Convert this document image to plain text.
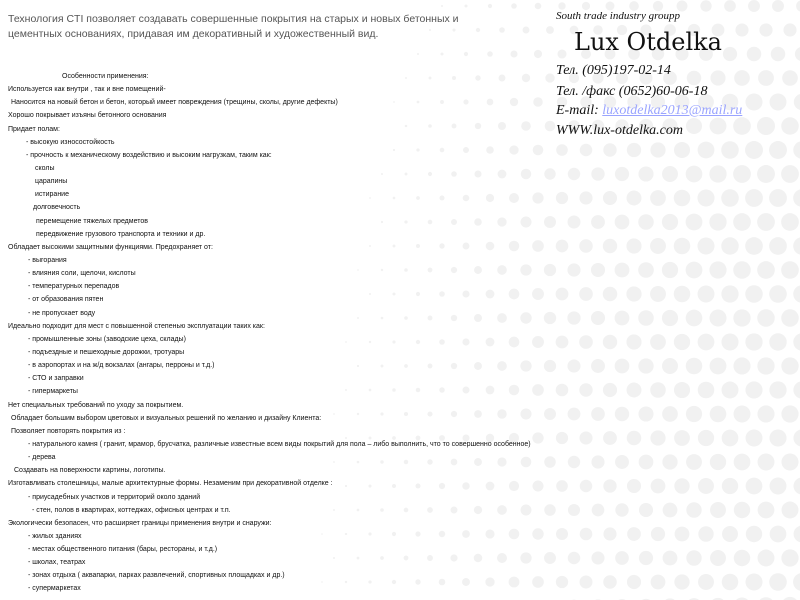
Технология CTI позволяет создавать совершенные покрытия на старых и новых бетонных и цементных основаниях, придавая им декоративный и художественный вид.

South trade industry groupp
Lux Otdelka
Тел. (095)197-02-14
Тел. /факс (0652)60-06-18
E-mail: luxotdelka2013@mail.ru
WWW.lux-otdelka.com
Особенности применения:
Используется как внутри , так и вне помещений-
Наносится на новый бетон и бетон, который имеет повреждения (трещины, сколы, другие дефекты)
Хорошо покрывает изъяны бетонного основания
Придает полам:
- высокую износостойкость
- прочность к механическому воздействию и высоким нагрузкам, таким как:
сколы
царапины
истирание
долговечность
перемещение тяжелых предметов
передвижение грузового транспорта и техники и др.
Обладает высокими защитными функциями. Предохраняет от:
- выгорания
- влияния соли, щелочи, кислоты
- температурных перепадов
- от образования пятен
- не пропускает воду
Идеально подходит для мест с повышенной степенью эксплуатации таких как:
- промышленные зоны (заводские цеха, склады)
- подъездные и пешеходные дорожки, тротуары
- в аэропортах и на ж/д вокзалах (ангары, перроны и т.д.)
- СТО и заправки
- гипермаркеты
Нет специальных требований по уходу за покрытием.
Обладает большим выбором цветовых и визуальных решений по желанию и дизайну Клиента:
Позволяет повторять покрытия из :
- натурального камня ( гранит, мрамор, брусчатка, различные известные всем виды покрытий для пола – либо выполнить, что то совершенно особенное)
- дерева
Создавать на поверхности картины, логотипы.
Изготавливать столешницы, малые архитектурные формы. Незаменим при декоративной отделке :
- приусадебных участков и территорий около зданий
- стен, полов в квартирах, коттеджах, офисных центрах и т.п.
Экологически безопасен, что расширяет границы применения внутри и снаружи:
- жилых зданиях
- местах общественного питания (бары, рестораны, и т.д.)
- школах, театрах
- зонах отдыха ( аквапарки, парках развлечений, спортивных площадках и др.)
- супермаркетах
